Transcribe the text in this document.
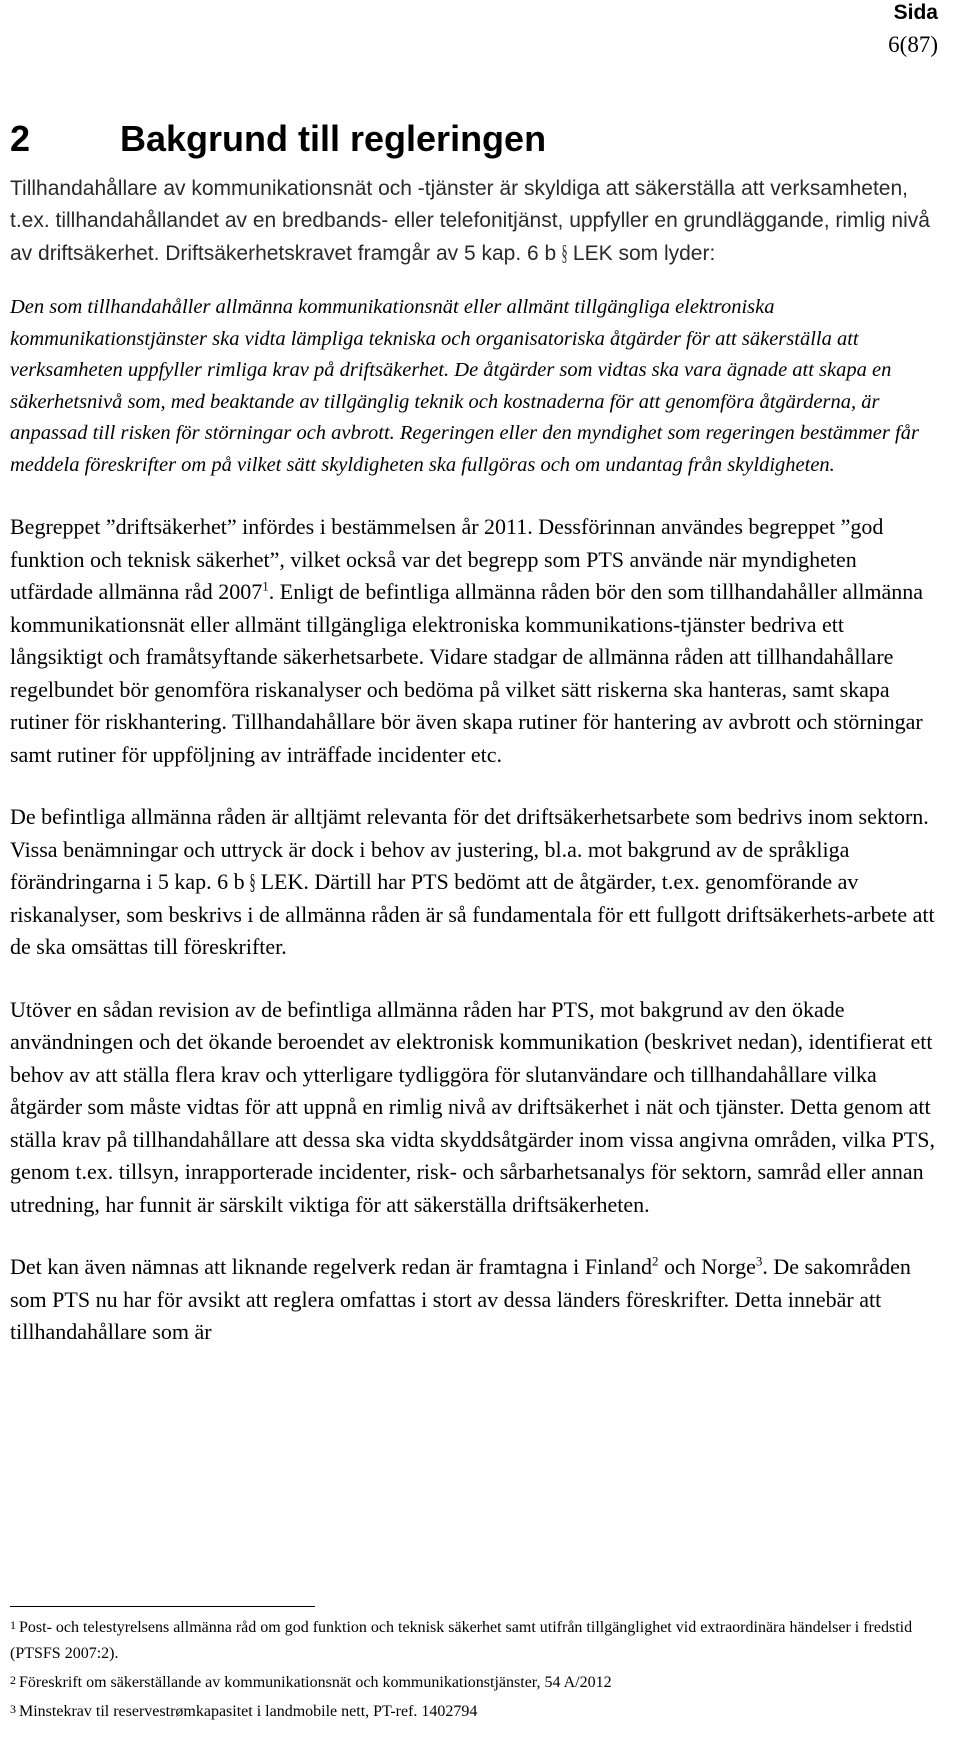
Sida
6(87)
2 Bakgrund till regleringen

Tillhandahållare av kommunikationsnät och -tjänster är skyldiga att säkerställa att verksamheten, t.ex. tillhandahållandet av en bredbands- eller telefonitjänst, uppfyller en grundläggande, rimlig nivå av driftsäkerhet. Driftsäkerhetskravet framgår av 5 kap. 6 b § LEK som lyder:

Den som tillhandahåller allmänna kommunikationsnät eller allmänt tillgängliga elektroniska kommunikationstjänster ska vidta lämpliga tekniska och organisatoriska åtgärder för att säkerställa att verksamheten uppfyller rimliga krav på driftsäkerhet. De åtgärder som vidtas ska vara ägnade att skapa en säkerhetsnivå som, med beaktande av tillgänglig teknik och kostnaderna för att genomföra åtgärderna, är anpassad till risken för störningar och avbrott. Regeringen eller den myndighet som regeringen bestämmer får meddela föreskrifter om på vilket sätt skyldigheten ska fullgöras och om undantag från skyldigheten.

Begreppet ”driftsäkerhet” infördes i bestämmelsen år 2011. Dessförinnan användes begreppet ”god funktion och teknisk säkerhet”, vilket också var det begrepp som PTS använde när myndigheten utfärdade allmänna råd 2007$^1$. Enligt de befintliga allmänna råden bör den som tillhandahåller allmänna kommunikationsnät eller allmänt tillgängliga elektroniska kommunikations-tjänster bedriva ett långsiktigt och framåtsyftande säkerhetsarbete. Vidare stadgar de allmänna råden att tillhandahållare regelbundet bör genomföra riskanalyser och bedöma på vilket sätt riskerna ska hanteras, samt skapa rutiner för riskhantering. Tillhandahållare bör även skapa rutiner för hantering av avbrott och störningar samt rutiner för uppföljning av inträffade incidenter etc.

De befintliga allmänna råden är alltjämt relevanta för det driftsäkerhetsarbete som bedrivs inom sektorn. Vissa benämningar och uttryck är dock i behov av justering, bl.a. mot bakgrund av de språkliga förändringarna i 5 kap. 6 b § LEK. Därtill har PTS bedömt att de åtgärder, t.ex. genomförande av riskanalyser, som beskrivs i de allmänna råden är så fundamentala för ett fullgott driftsäkerhets-arbete att de ska omsättas till föreskrifter.

Utöver en sådan revision av de befintliga allmänna råden har PTS, mot bakgrund av den ökade användningen och det ökande beroendet av elektronisk kommunikation (beskrivet nedan), identifierat ett behov av att ställa flera krav och ytterligare tydliggöra för slutanvändare och tillhandahållare vilka åtgärder som måste vidtas för att uppnå en rimlig nivå av driftsäkerhet i nät och tjänster. Detta genom att ställa krav på tillhandahållare att dessa ska vidta skyddsåtgärder inom vissa angivna områden, vilka PTS, genom t.ex. tillsyn, inrapporterade incidenter, risk- och sårbarhetsanalys för sektorn, samråd eller annan utredning, har funnit är särskilt viktiga för att säkerställa driftsäkerheten.

Det kan även nämnas att liknande regelverk redan är framtagna i Finland$^2$ och Norge$^3$. De sakområden som PTS nu har för avsikt att reglera omfattas i stort av dessa länders föreskrifter. Detta innebär att tillhandahållare som är

1 Post- och telestyrelsens allmänna råd om god funktion och teknisk säkerhet samt utifrån tillgänglighet vid extraordinära händelser i fredstid (PTSFS 2007:2).

2 Föreskrift om säkerställande av kommunikationsnät och kommunikationstjänster, 54 A/2012

3 Minstekrav til reservestrømkapasitet i landmobile nett, PT-ref. 1402794
